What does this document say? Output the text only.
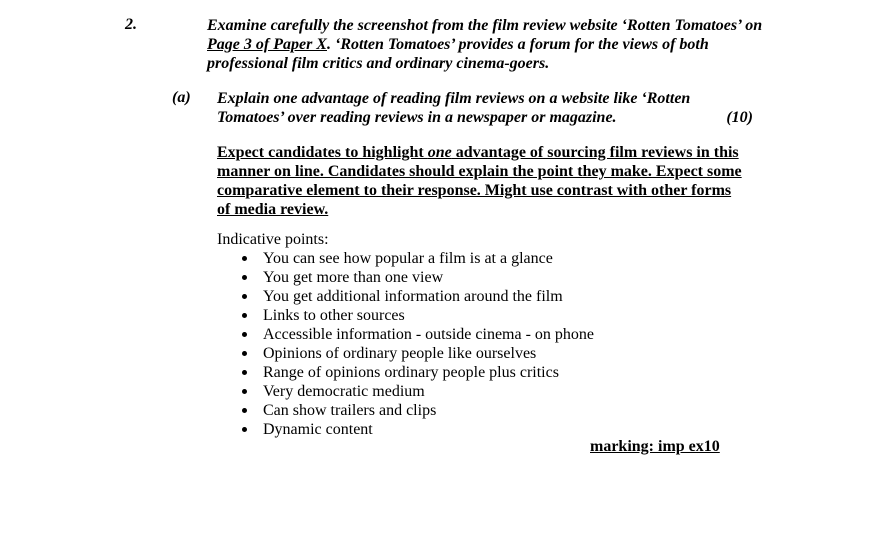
2.	Examine carefully the screenshot from the film review website ‘Rotten Tomatoes’ on Page 3 of Paper X. ‘Rotten Tomatoes’ provides a forum for the views of both professional film critics and ordinary cinema-goers.
(a) Explain one advantage of reading film reviews on a website like ‘Rotten Tomatoes’ over reading reviews in a newspaper or magazine.	(10)
Expect candidates to highlight one advantage of sourcing film reviews in this manner on line. Candidates should explain the point they make. Expect some comparative element to their response. Might use contrast with other forms of media review.
Indicative points:
You can see how popular a film is at a glance
You get more than one view
You get additional information around the film
Links to other sources
Accessible information - outside cinema - on phone
Opinions of ordinary people like ourselves
Range of opinions ordinary people plus critics
Very democratic medium
Can show trailers and clips
Dynamic content
marking: imp ex10
